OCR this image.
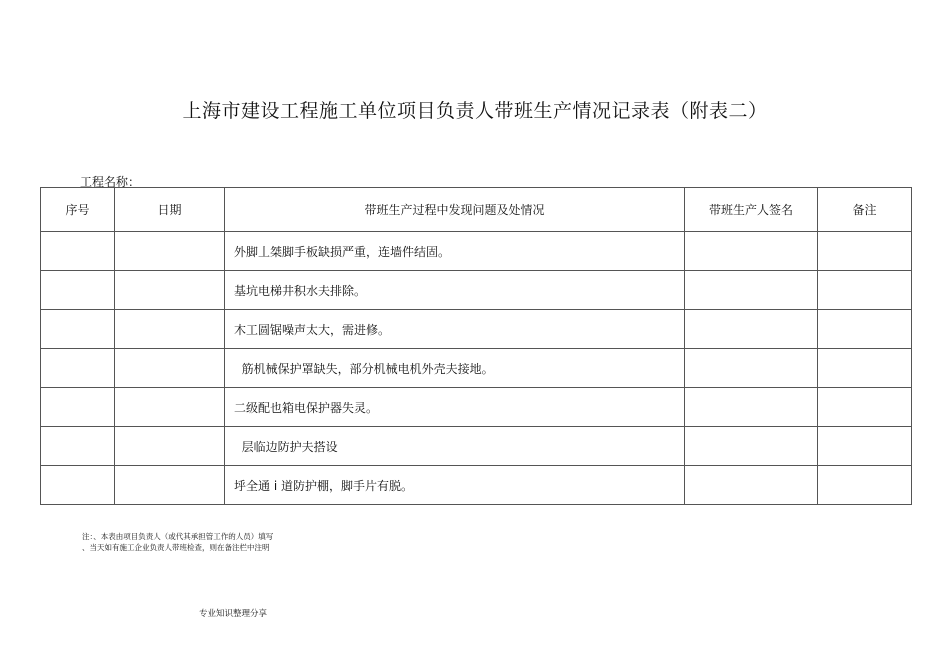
上海市建设工程施工单位项目负责人带班生产情况记录表（附表二）
工程名称：
序号	日期	带班生产过程中发现问题及处情况	带班生产人签名	备注
		外脚丄桀脚手板缺损严重，连墙件结固。		
		基坑电梯井积水夫排除。		
		木工圆锯噪声太大，需进修。		
		筋机械保护罩缺失，部分机械电机外壳夫接地。		
		二级配也箱电保护器失灵。		
		层临边防护夫搭设		
		垀全通 i 道防护棚，脚手片有脱。		
注：、本表由项目负责人（或代其承担管工作的人员）填写
、当天如有施工企业负责人带班检查，则在备注栏中注明
专业知识整理分享
